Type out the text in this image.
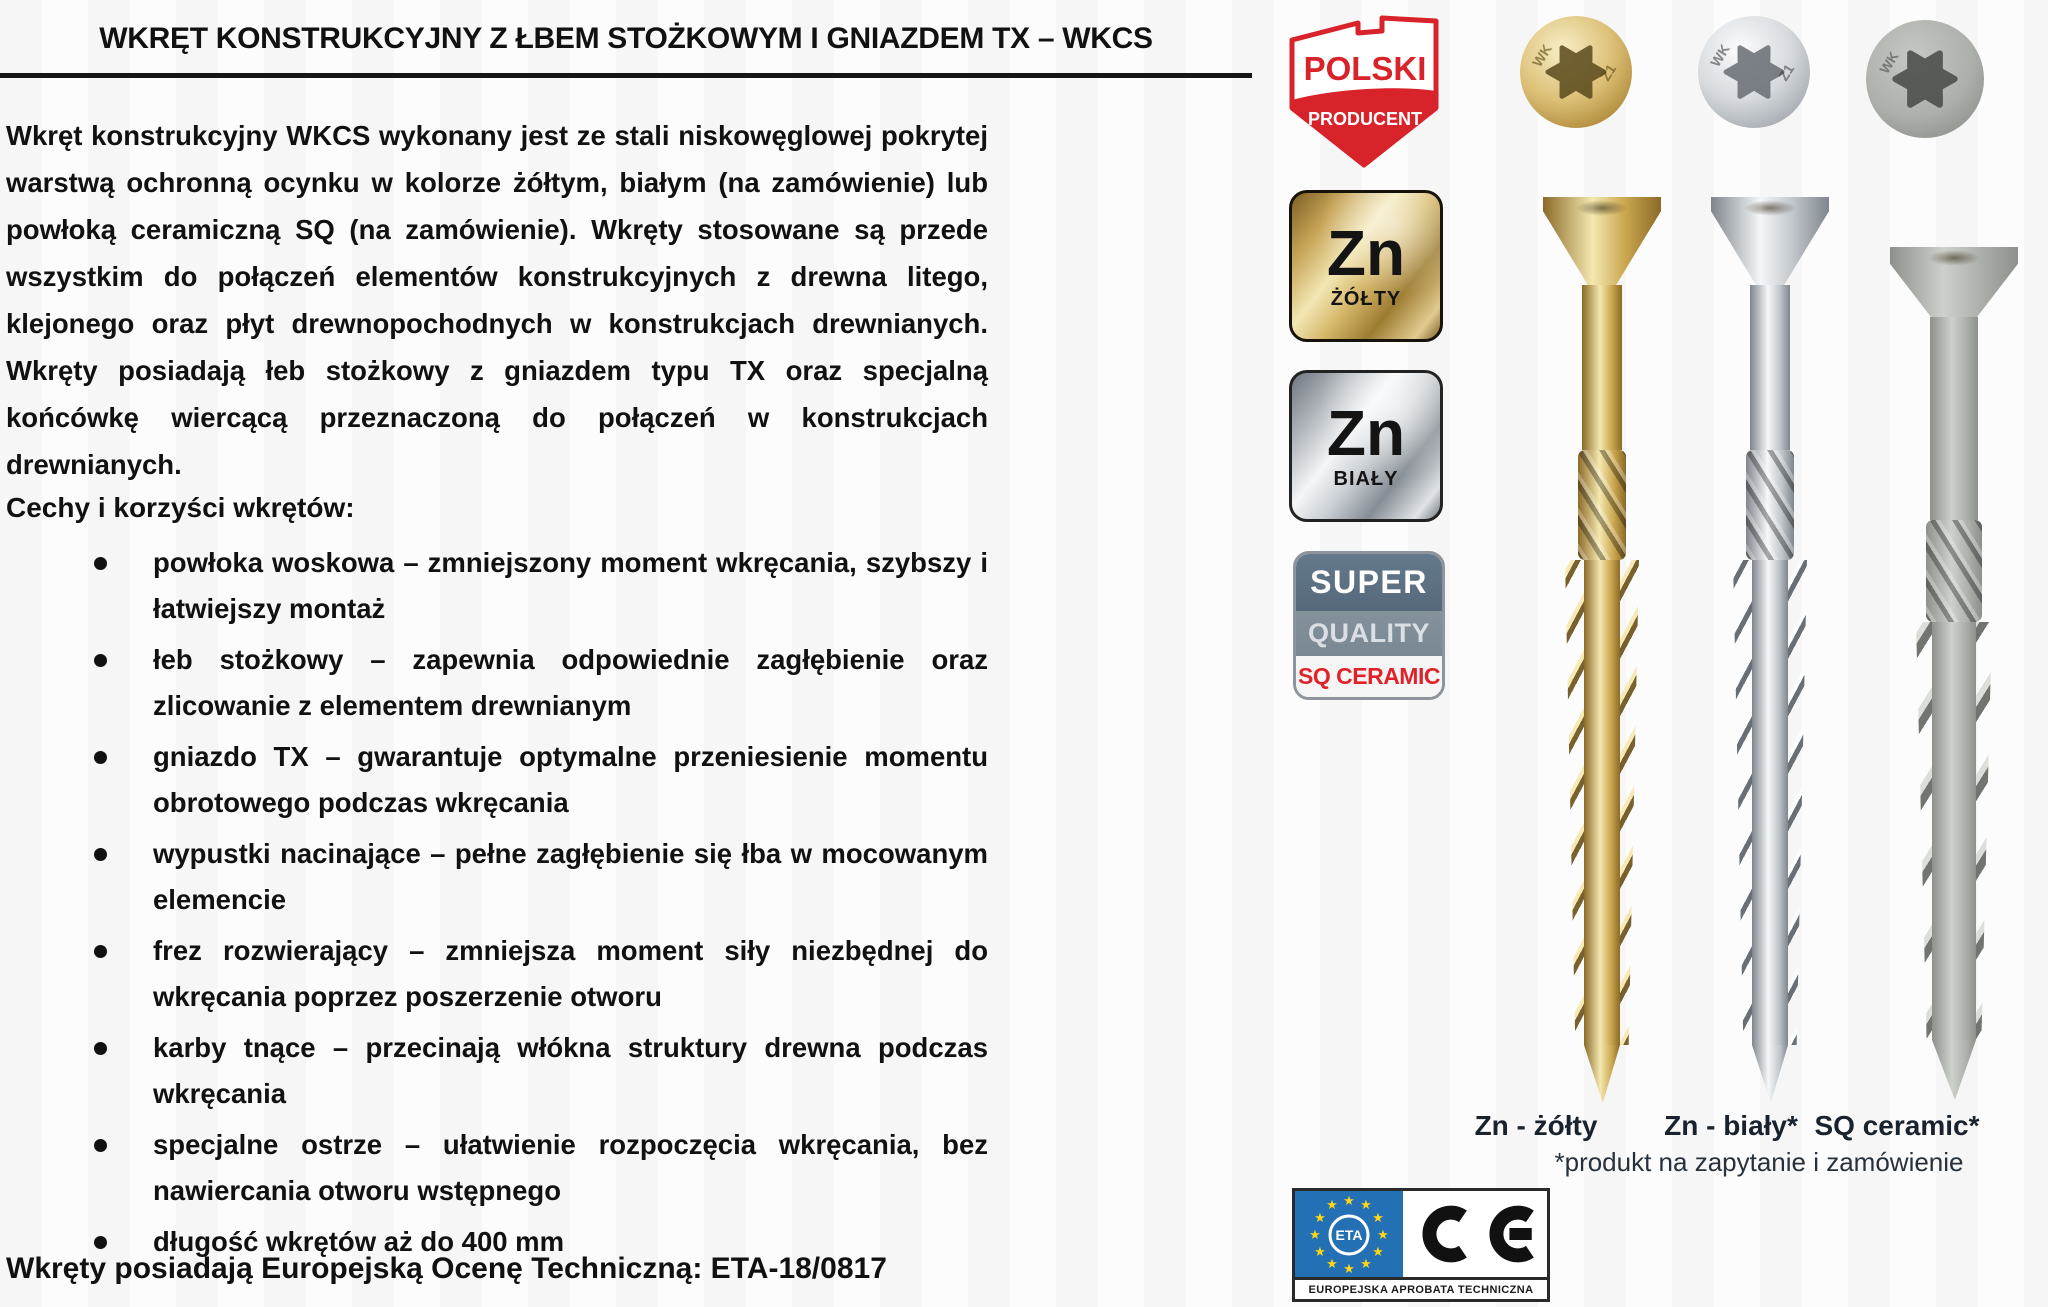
WKRĘT KONSTRUKCYJNY Z ŁBEM STOŻKOWYM I GNIAZDEM TX – WKCS
Wkręt konstrukcyjny WKCS wykonany jest ze stali niskowęglowej pokrytej warstwą ochronną ocynku w kolorze żółtym, białym (na zamówienie) lub powłoką ceramiczną SQ (na zamówienie). Wkręty stosowane są przede wszystkim do połączeń elementów konstrukcyjnych z drewna litego, klejonego oraz płyt drewnopochodnych w konstrukcjach drewnianych. Wkręty posiadają łeb stożkowy z gniazdem typu TX oraz specjalną końcówkę wiercącą przeznaczoną do połączeń w konstrukcjach drewnianych.
Cechy i korzyści wkrętów:
powłoka woskowa – zmniejszony moment wkręcania, szybszy i łatwiejszy montaż
łeb stożkowy – zapewnia odpowiednie zagłębienie oraz zlicowanie z elementem drewnianym
gniazdo TX – gwarantuje optymalne przeniesienie momentu obrotowego podczas wkręcania
wypustki nacinające – pełne zagłębienie się łba w mocowanym elemencie
frez rozwierający – zmniejsza moment siły niezbędnej do wkręcania poprzez poszerzenie otworu
karby tnące – przecinają włókna struktury drewna podczas wkręcania
specjalne ostrze – ułatwienie rozpoczęcia wkręcania, bez nawiercania otworu wstępnego
długość wkrętów aż do 400 mm
Wkręty posiadają Europejską Ocenę Techniczną: ETA-18/0817
POLSKI
PRODUCENT
Zn
ŻÓŁTY
Zn
BIAŁY
SUPER
QUALITY
SQ CERAMIC
WK
Z1
WK
Z1	WK
Zn - żółty Zn - biały* SQ ceramic*
*produkt na zapytanie i zamówienie
★ ★
★
★
★
★
★
★
★
★
★
★
ETA
EUROPEJSKA APROBATA TECHNICZNA
